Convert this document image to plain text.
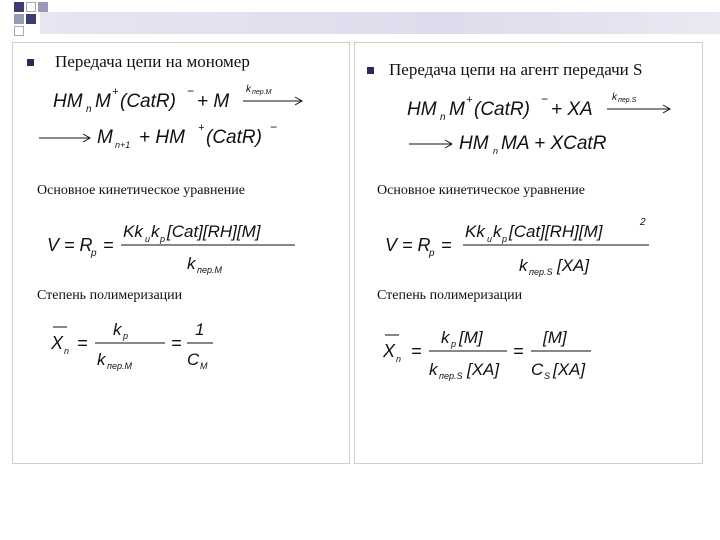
Передача цепи на мономер
HM n M + (CatR) − + M
k пер.М
M n+1 + HM + (CatR) −
Основное кинетическое уравнение
V = R
p =
Kk и k p [Cat][RH][M]
k пер.М
Степень полимеризации
X n =
k p
k пер.М
=
1
C M
Передача цепи на агент передачи S
HM n M + (CatR) − + XA
k пер.S
HM n MA + XCatR
Основное кинетическое уравнение
V = R
p =
Kk и k p [Cat][RH][M]	2
k пер.S [XA]
Степень полимеризации
X n =
k p [M]
k пер.S [XA]
=
[M]
C S [XA]
